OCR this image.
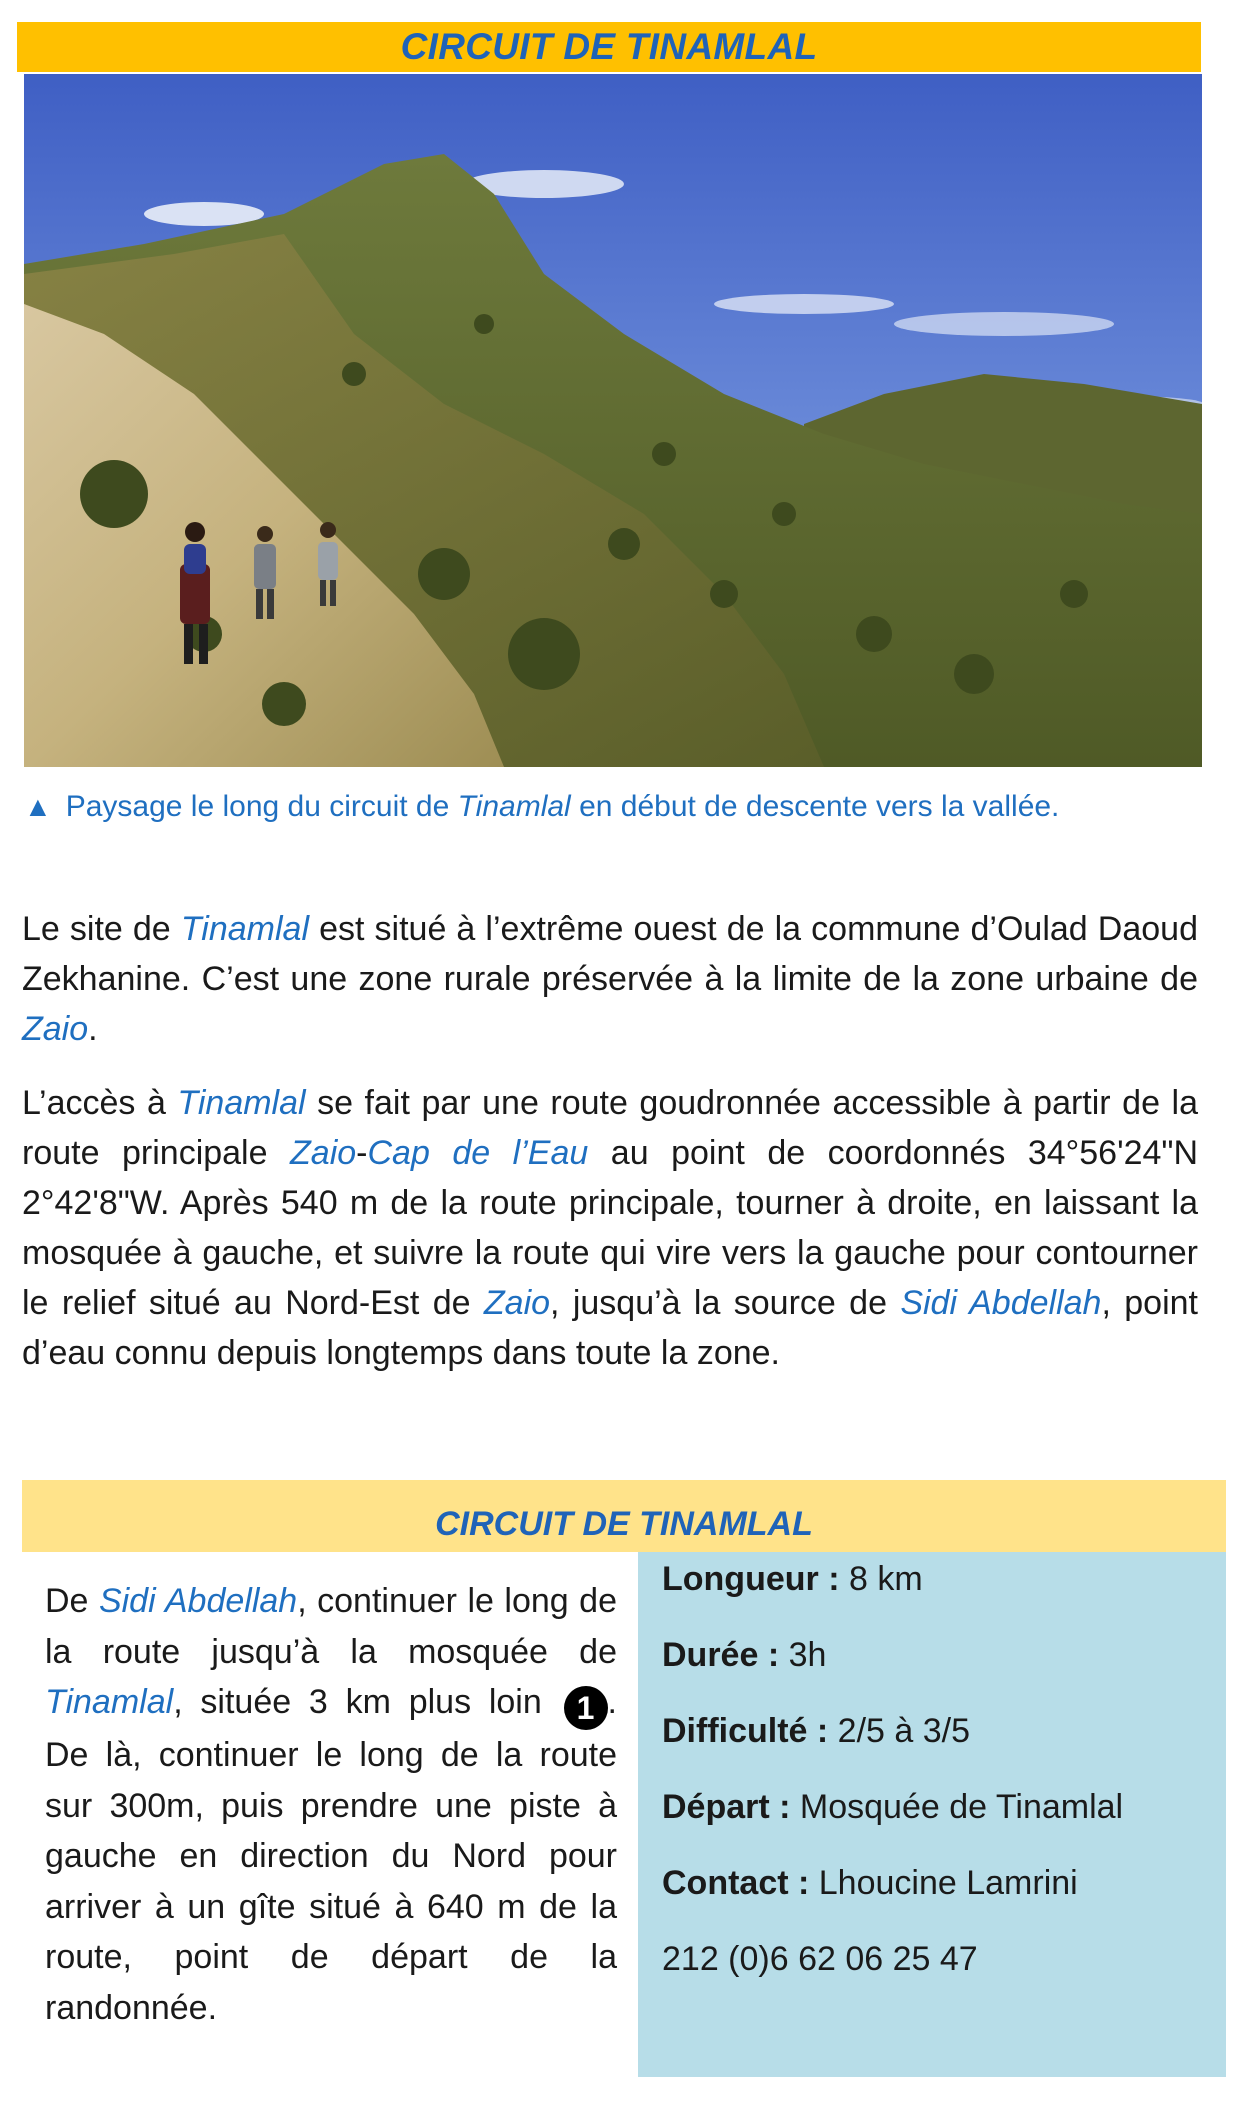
CIRCUIT DE TINAMLAL
▲ Paysage le long du circuit de Tinamlal en début de descente vers la vallée.
Le site de Tinamlal est situé à l’extrême ouest de la commune d’Oulad Daoud Zekhanine. C’est une zone rurale préservée à la limite de la zone urbaine de Zaio.
L’accès à Tinamlal se fait par une route goudronnée accessible à partir de la route principale Zaio-Cap de l’Eau au point de coordonnés 34°56'24"N 2°42'8"W. Après 540 m de la route principale, tourner à droite, en laissant la mosquée à gauche, et suivre la route qui vire vers la gauche pour contourner le relief situé au Nord-Est de Zaio, jusqu’à la source de Sidi Abdellah, point d’eau connu depuis longtemps dans toute la zone.
CIRCUIT DE TINAMLAL
De Sidi Abdellah, continuer le long de la route jusqu’à la mosquée de Tinamlal, située 3 km plus loin 1 . De là, continuer le long de la route sur 300m, puis prendre une piste à gauche en direction du Nord pour arriver à un gîte situé à 640 m de la route, point de départ de la randonnée.
Longueur : 8 km
Durée : 3h
Difficulté : 2/5 à 3/5
Départ : Mosquée de Tinamlal
Contact : Lhoucine Lamrini
212 (0)6 62 06 25 47
